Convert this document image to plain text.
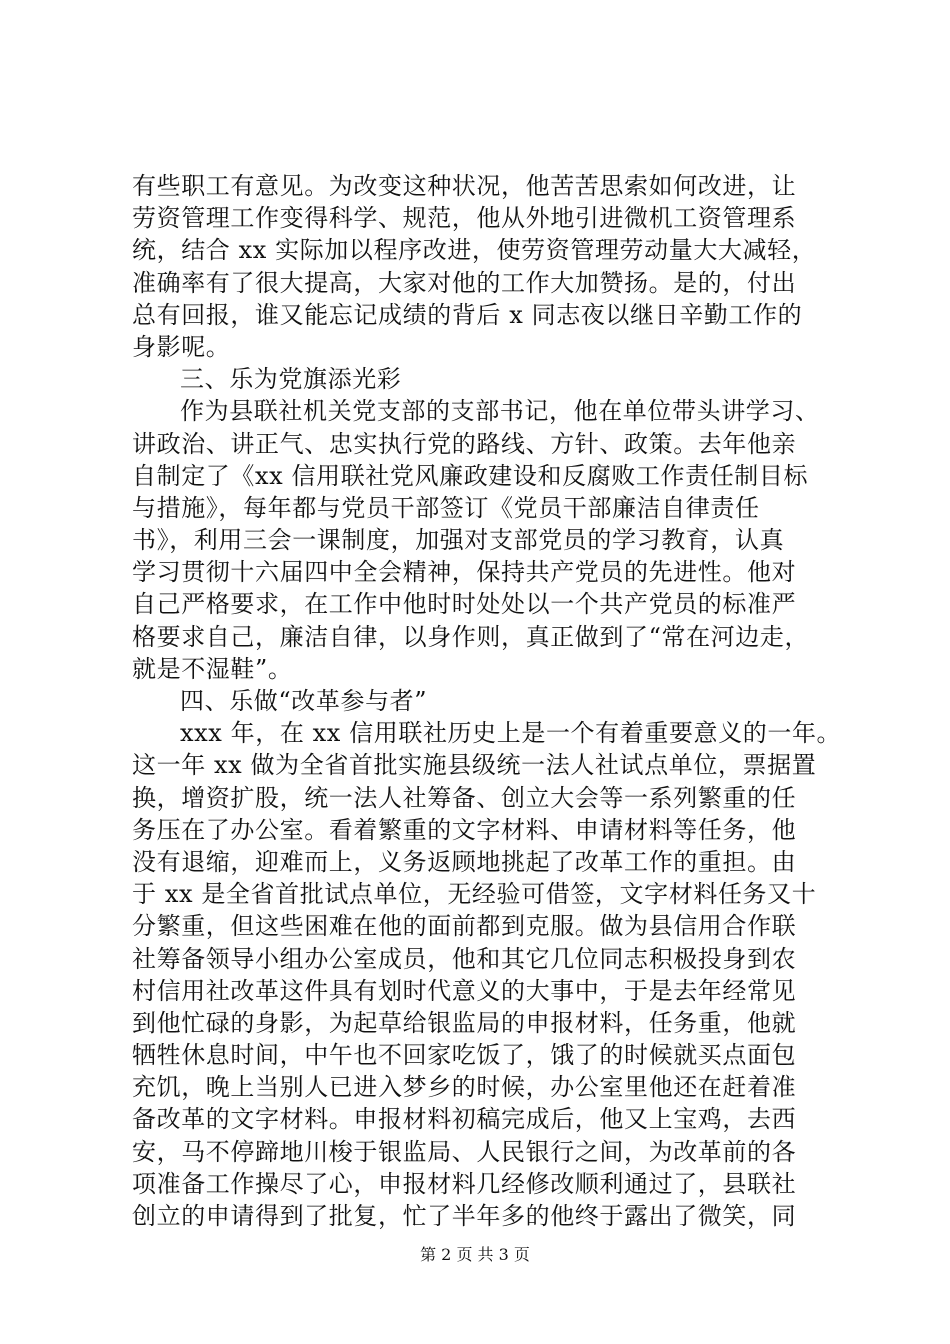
有些职工有意见。为改变这种状况，他苦苦思索如何改进，让
劳资管理工作变得科学、规范，他从外地引进微机工资管理系
统，结合 xx 实际加以程序改进，使劳资管理劳动量大大减轻，
准确率有了很大提高，大家对他的工作大加赞扬。是的，付出
总有回报，谁又能忘记成绩的背后 x 同志夜以继日辛勤工作的
身影呢。
三、乐为党旗添光彩
作为县联社机关党支部的支部书记，他在单位带头讲学习、
讲政治、讲正气、忠实执行党的路线、方针、政策。去年他亲
自制定了《xx 信用联社党风廉政建设和反腐败工作责任制目标
与措施》，每年都与党员干部签订《党员干部廉洁自律责任
书》，利用三会一课制度，加强对支部党员的学习教育，认真
学习贯彻十六届四中全会精神，保持共产党员的先进性。他对
自己严格要求，在工作中他时时处处以一个共产党员的标准严
格要求自己，廉洁自律，以身作则，真正做到了“常在河边走，
就是不湿鞋”。
四、乐做“改革参与者”
xxx 年，在 xx 信用联社历史上是一个有着重要意义的一年。
这一年 xx 做为全省首批实施县级统一法人社试点单位，票据置
换，增资扩股，统一法人社筹备、创立大会等一系列繁重的任
务压在了办公室。看着繁重的文字材料、申请材料等任务，他
没有退缩，迎难而上，义务返顾地挑起了改革工作的重担。由
于 xx 是全省首批试点单位，无经验可借签，文字材料任务又十
分繁重，但这些困难在他的面前都到克服。做为县信用合作联
社筹备领导小组办公室成员，他和其它几位同志积极投身到农
村信用社改革这件具有划时代意义的大事中，于是去年经常见
到他忙碌的身影，为起草给银监局的申报材料，任务重，他就
牺牲休息时间，中午也不回家吃饭了，饿了的时候就买点面包
充饥，晚上当别人已进入梦乡的时候，办公室里他还在赶着准
备改革的文字材料。申报材料初稿完成后，他又上宝鸡，去西
安，马不停蹄地川梭于银监局、人民银行之间，为改革前的各
项准备工作操尽了心，申报材料几经修改顺利通过了，县联社
创立的申请得到了批复，忙了半年多的他终于露出了微笑，同
第 2 页 共 3 页
